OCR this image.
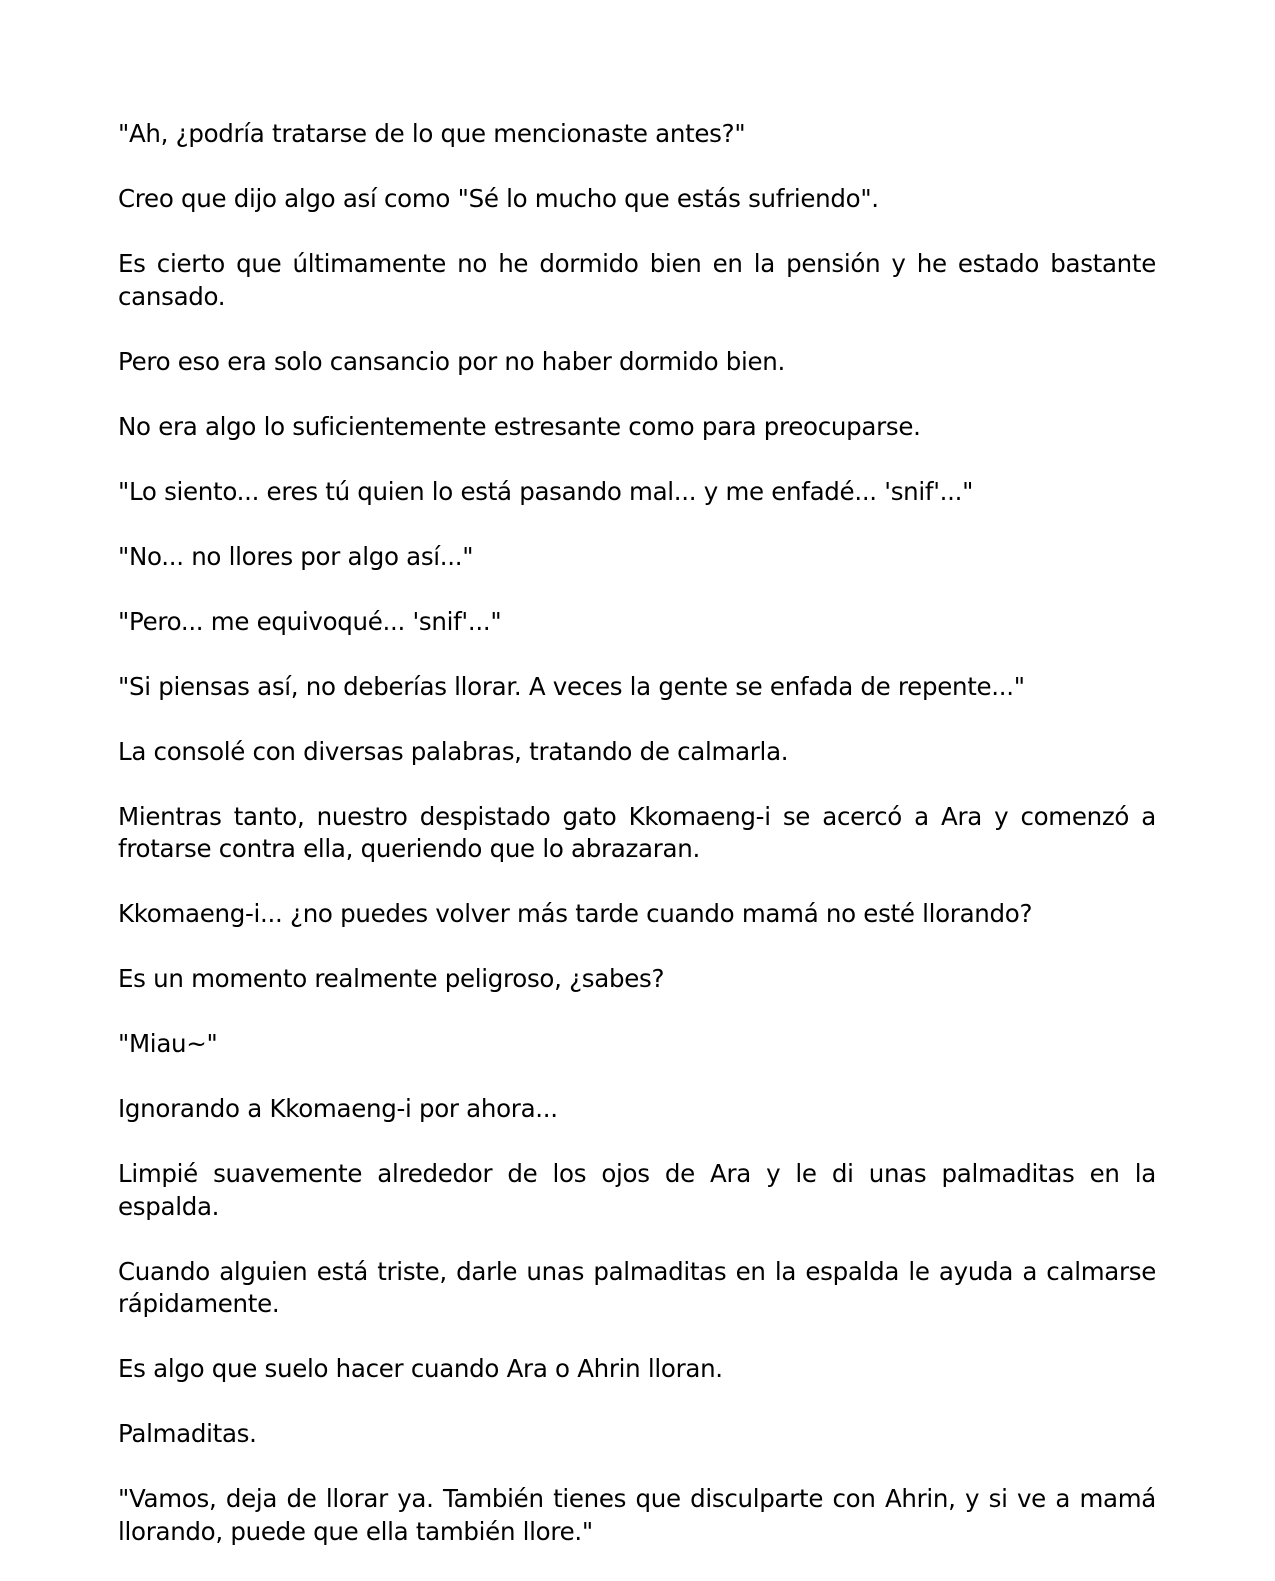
"Ah, ¿podría tratarse de lo que mencionaste antes?"

Creo que dijo algo así como "Sé lo mucho que estás sufriendo".

Es cierto que últimamente no he dormido bien en la pensión y he estado bastante cansado.

Pero eso era solo cansancio por no haber dormido bien.

No era algo lo suficientemente estresante como para preocuparse.

"Lo siento... eres tú quien lo está pasando mal... y me enfadé... 'snif'..."

"No... no llores por algo así..."

"Pero... me equivoqué... 'snif'..."

"Si piensas así, no deberías llorar. A veces la gente se enfada de repente..."

La consolé con diversas palabras, tratando de calmarla.

Mientras tanto, nuestro despistado gato Kkomaeng-i se acercó a Ara y comenzó a frotarse contra ella, queriendo que lo abrazaran.

Kkomaeng-i... ¿no puedes volver más tarde cuando mamá no esté llorando?

Es un momento realmente peligroso, ¿sabes?

"Miau~"

Ignorando a Kkomaeng-i por ahora...

Limpié suavemente alrededor de los ojos de Ara y le di unas palmaditas en la espalda.

Cuando alguien está triste, darle unas palmaditas en la espalda le ayuda a calmarse rápidamente.

Es algo que suelo hacer cuando Ara o Ahrin lloran.

Palmaditas.

"Vamos, deja de llorar ya. También tienes que disculparte con Ahrin, y si ve a mamá llorando, puede que ella también llore."
